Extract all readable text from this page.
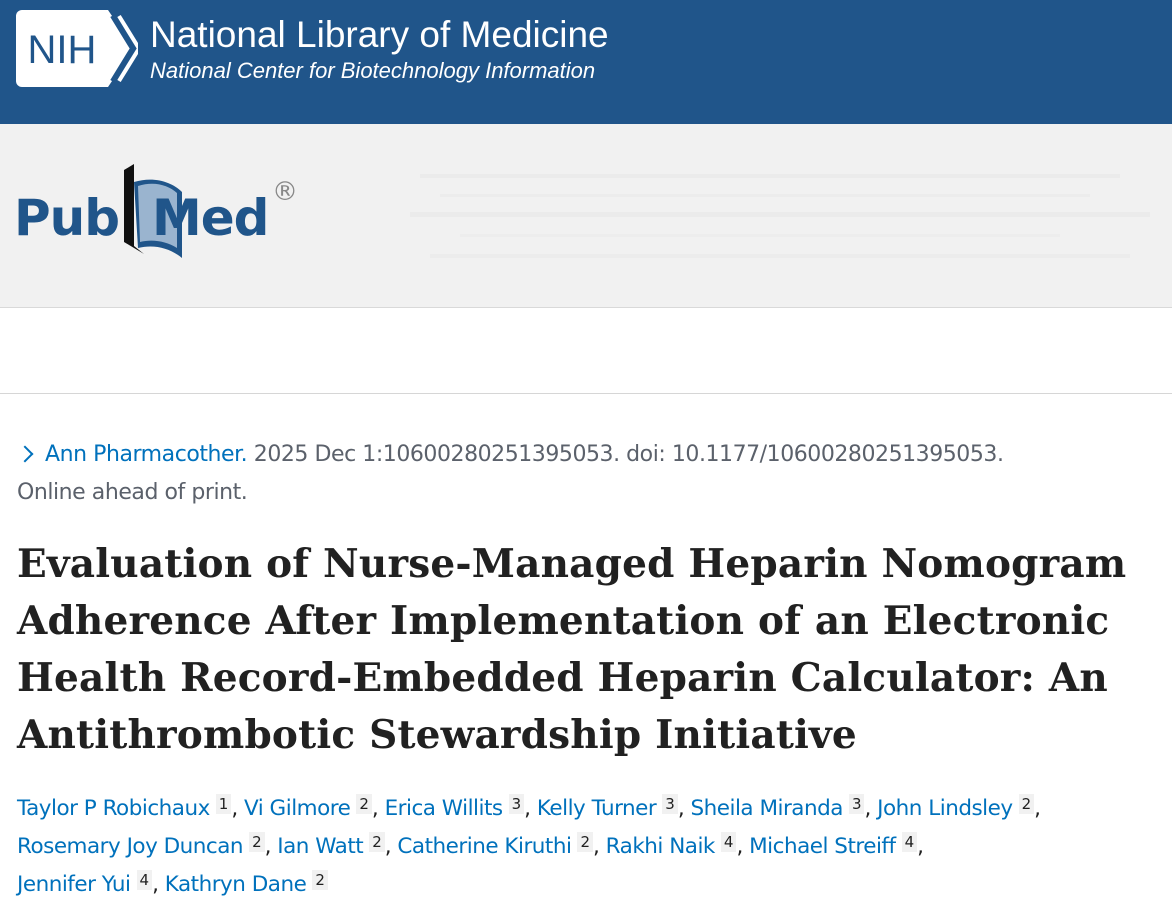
NIH National Library of Medicine
National Center for Biotechnology Information
Pub Med ®
Ann Pharmacother. 2025 Dec 1:10600280251395053. doi: 10.1177/10600280251395053.
Online ahead of print.
Evaluation of Nurse-Managed Heparin Nomogram Adherence After Implementation of an Electronic Health Record-Embedded Heparin Calculator: An Antithrombotic Stewardship Initiative
Taylor P Robichaux 1 , Vi Gilmore 2 , Erica Willits 3 , Kelly Turner 3 , Sheila Miranda 3 , John Lindsley 2 ,
Rosemary Joy Duncan 2 , Ian Watt 2 , Catherine Kiruthi 2 , Rakhi Naik 4 , Michael Streiff 4 ,
Jennifer Yui 4 , Kathryn Dane 2
